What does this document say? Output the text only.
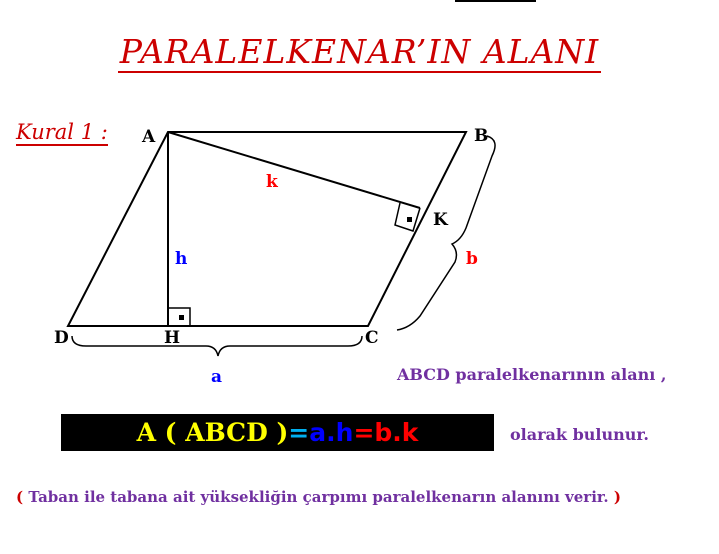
PARALELKENAR’IN ALANI
Kural 1 : A	B
C
D	H
K
k
h	b
a	ABCD paralelkenarının alanı ,
A ( ABCD ) = a . h = b . k	olarak bulunur.
( Taban ile tabana ait yüksekliğin çarpımı paralelkenarın alanını verir. )
